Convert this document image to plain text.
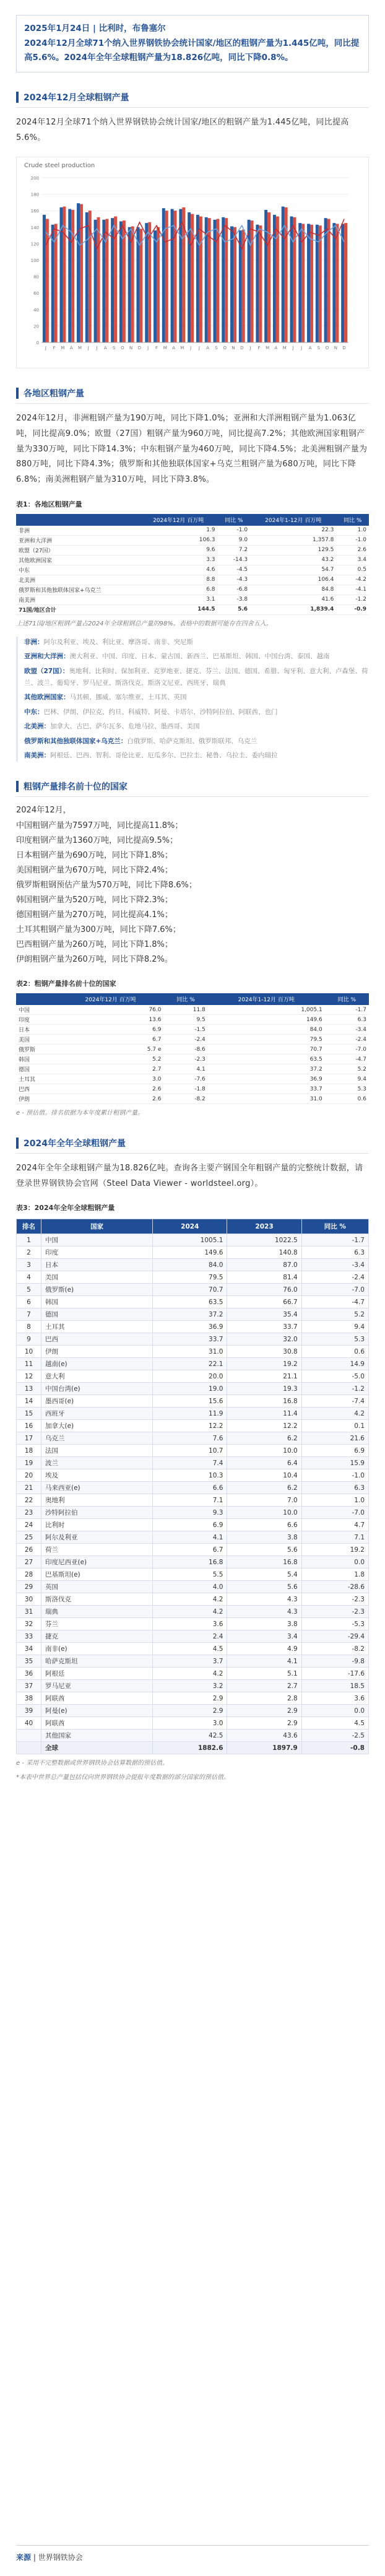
2025年1月24日 | 比利时，布鲁塞尔

2024年12月全球71个纳入世界钢铁协会统计国家/地区的粗钢产量为1.445亿吨，同比提高5.6%。2024年全年全球粗钢产量为18.826亿吨，同比下降0.8%。

2024年12月全球粗钢产量

2024年12月全球71个纳入世界钢铁协会统计国家/地区的粗钢产量为1.445亿吨，同比提高5.6%。

Crude steel production
0
20
40
60
80
100
120
140
160
180
200
J F M A M J J A S O N D J F M A M J J A S O N D J F M A M J J A S O N D
各地区粗钢产量

2024年12月，非洲粗钢产量为190万吨，同比下降1.0%；亚洲和大洋洲粗钢产量为1.063亿吨，同比提高9.0%；欧盟（27国）粗钢产量为960万吨，同比提高7.2%；其他欧洲国家粗钢产量为330万吨，同比下降14.3%；中东粗钢产量为460万吨，同比下降4.5%；北美洲粗钢产量为880万吨，同比下降4.3%；俄罗斯和其他独联体国家+乌克兰粗钢产量为680万吨，同比下降6.8%；南美洲粗钢产量为310万吨，同比下降3.8%。

表1：各地区粗钢产量
	2024年12月 百万吨	同比 %	2024年1-12月 百万吨	同比 %
非洲	1.9	-1.0	22.3	1.0
亚洲和大洋洲	106.3	9.0	1,357.8	-1.0
欧盟（27国）	9.6	7.2	129.5	2.6
其他欧洲国家	3.3	-14.3	43.2	3.4
中东	4.6	-4.5	54.7	0.5
北美洲	8.8	-4.3	106.4	-4.2
俄罗斯和其他独联体国家+乌克兰	6.8	-6.8	84.8	-4.1
南美洲	3.1	-3.8	41.6	-1.2
71国/地区合计	144.5	5.6	1,839.4	-0.9

上述71国/地区粗钢产量占2024年全球粗钢总产量的98%。表格中的数据可能存在四舍五入。

非洲：阿尔及利亚、埃及、利比亚、摩洛哥、南非、突尼斯

亚洲和大洋洲：澳大利亚、中国、印度、日本、蒙古国、新西兰、巴基斯坦、韩国、中国台湾、泰国、越南

欧盟（27国）：奥地利、比利时、保加利亚、克罗地亚、捷克、芬兰、法国、德国、希腊、匈牙利、意大利、卢森堡、荷兰、波兰、葡萄牙、罗马尼亚、斯洛伐克、斯洛文尼亚、西班牙、瑞典

其他欧洲国家：马其顿、挪威、塞尔维亚、土耳其、英国

中东：巴林、伊朗、伊拉克、约旦、科威特、阿曼、卡塔尔、沙特阿拉伯、阿联酋、也门

北美洲：加拿大、古巴、萨尔瓦多、危地马拉、墨西哥、美国

俄罗斯和其他独联体国家+乌克兰：白俄罗斯、哈萨克斯坦、俄罗斯联邦、乌克兰

南美洲：阿根廷、巴西、智利、哥伦比亚、厄瓜多尔、巴拉圭、秘鲁、乌拉圭、委内瑞拉

粗钢产量排名前十位的国家

2024年12月，

中国粗钢产量为7597万吨，同比提高11.8%；

印度粗钢产量为1360万吨，同比提高9.5%；

日本粗钢产量为690万吨，同比下降1.8%；

美国粗钢产量为670万吨，同比下降2.4%；

俄罗斯粗钢预估产量为570万吨，同比下降8.6%；

韩国粗钢产量为520万吨，同比下降2.3%；

德国粗钢产量为270万吨，同比提高4.1%；

土耳其粗钢产量为300万吨，同比下降7.6%；

巴西粗钢产量为260万吨，同比下降1.8%；

伊朗粗钢产量为260万吨，同比下降8.2%。

表2：粗钢产量排名前十位的国家
	2024年12月 百万吨	同比 %	2024年1-12月 百万吨	同比 %
中国	76.0	11.8	1,005.1	-1.7
印度	13.6	9.5	149.6	6.3
日本	6.9	-1.5	84.0	-3.4
美国	6.7	-2.4	79.5	-2.4
俄罗斯	5.7 e	-8.6	70.7	-7.0
韩国	5.2	-2.3	63.5	-4.7
德国	2.7	4.1	37.2	5.2
土耳其	3.0	-7.6	36.9	9.4
巴西	2.6	-1.8	33.7	5.3
伊朗	2.6	-8.2	31.0	0.6

e - 预估值。排名依据为本年度累计粗钢产量。

2024年全年全球粗钢产量

2024年全年全球粗钢产量为18.826亿吨。查询各主要产钢国全年粗钢产量的完整统计数据，请登录世界钢铁协会官网（Steel Data Viewer - worldsteel.org）。

表3：2024年全年全球粗钢产量
排名	国家	2024	2023	同比 %
1	中国	1005.1	1022.5	-1.7
2	印度	149.6	140.8	6.3
3	日本	84.0	87.0	-3.4
4	美国	79.5	81.4	-2.4
5	俄罗斯(e)	70.7	76.0	-7.0
6	韩国	63.5	66.7	-4.7
7	德国	37.2	35.4	5.2
8	土耳其	36.9	33.7	9.4
9	巴西	33.7	32.0	5.3
10	伊朗	31.0	30.8	0.6
11	越南(e)	22.1	19.2	14.9
12	意大利	20.0	21.1	-5.0
13	中国台湾(e)	19.0	19.3	-1.2
14	墨西哥(e)	15.6	16.8	-7.4
15	西班牙	11.9	11.4	4.2
16	加拿大(e)	12.2	12.2	0.1
17	乌克兰	7.6	6.2	21.6
18	法国	10.7	10.0	6.9
19	波兰	7.4	6.4	15.9
20	埃及	10.3	10.4	-1.0
21	马来西亚(e)	6.6	6.2	6.3
22	奥地利	7.1	7.0	1.0
23	沙特阿拉伯	9.3	10.0	-7.0
24	比利时	6.9	6.6	4.7
25	阿尔及利亚	4.1	3.8	7.1
26	荷兰	6.7	5.6	19.2
27	印度尼西亚(e)	16.8	16.8	0.0
28	巴基斯坦(e)	5.5	5.4	1.8
29	英国	4.0	5.6	-28.6
30	斯洛伐克	4.2	4.3	-2.3
31	瑞典	4.2	4.3	-2.3
32	芬兰	3.6	3.8	-5.3
33	捷克	2.4	3.4	-29.4
34	南非(e)	4.5	4.9	-8.2
35	哈萨克斯坦	3.7	4.1	-9.8
36	阿根廷	4.2	5.1	-17.6
37	罗马尼亚	3.2	2.7	18.5
38	阿联酋	2.9	2.8	3.6
39	阿曼(e)	2.9	2.9	0.0
40	阿联酋	3.0	2.9	4.5
	其他国家	42.5	43.6	-2.5
	全球	1882.6	1897.9	-0.8

e - 采用不完整数据或世界钢铁协会估算数据的预估值。

*本表中世界总产量包括仅向世界钢铁协会提报年度数据的部分国家的预估值。

来源 | 世界钢铁协会
